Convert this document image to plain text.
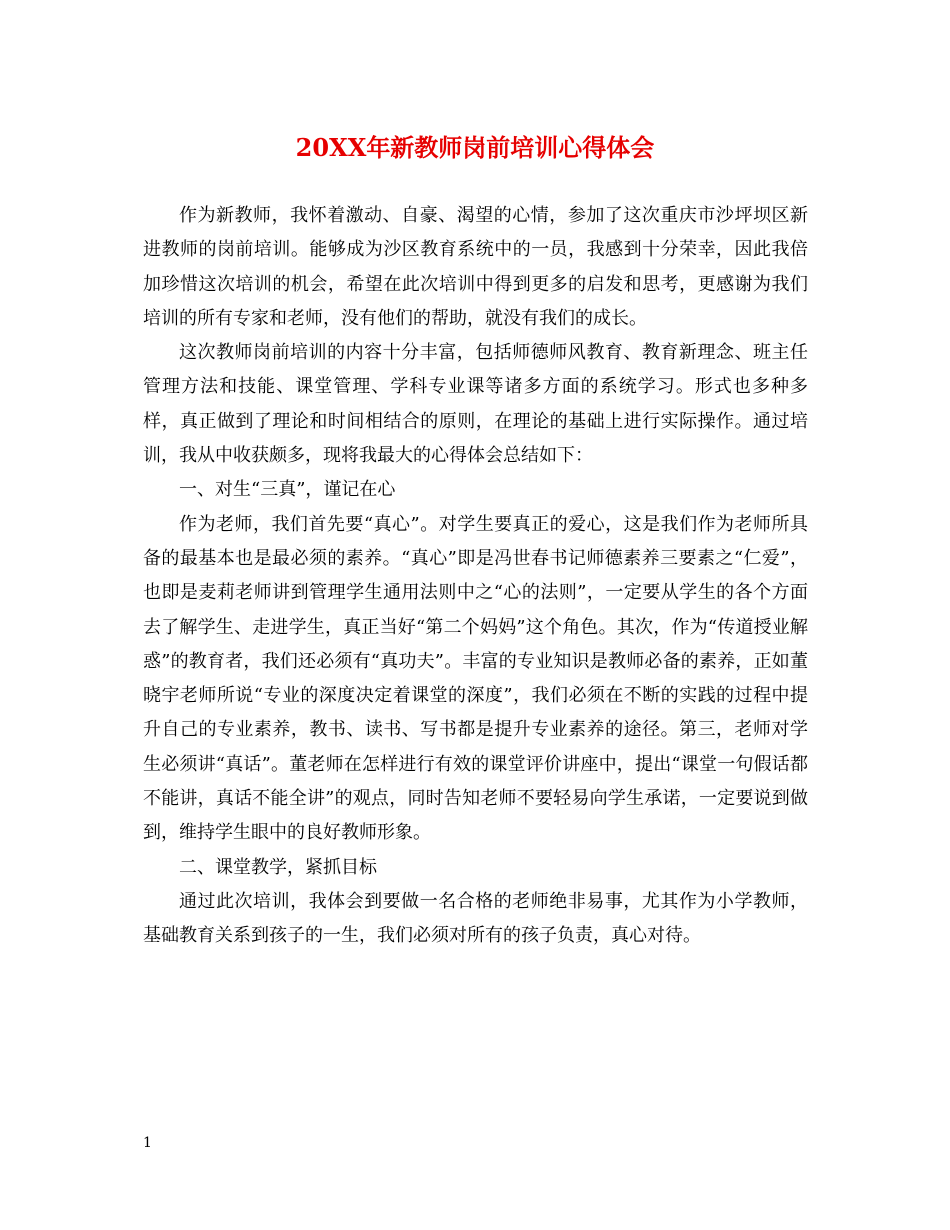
20XX年新教师岗前培训心得体会

作为新教师，我怀着激动、自豪、渴望的心情，参加了这次重庆市沙坪坝区新进教师的岗前培训。能够成为沙区教育系统中的一员，我感到十分荣幸，因此我倍加珍惜这次培训的机会，希望在此次培训中得到更多的启发和思考，更感谢为我们培训的所有专家和老师，没有他们的帮助，就没有我们的成长。

这次教师岗前培训的内容十分丰富，包括师德师风教育、教育新理念、班主任管理方法和技能、课堂管理、学科专业课等诸多方面的系统学习。形式也多种多样，真正做到了理论和时间相结合的原则，在理论的基础上进行实际操作。通过培训，我从中收获颇多，现将我最大的心得体会总结如下：

一、对生“三真”，谨记在心

作为老师，我们首先要“真心”。对学生要真正的爱心，这是我们作为老师所具备的最基本也是最必须的素养。“真心”即是冯世春书记师德素养三要素之“仁爱”，也即是麦莉老师讲到管理学生通用法则中之“心的法则”，一定要从学生的各个方面去了解学生、走进学生，真正当好“第二个妈妈”这个角色。其次，作为“传道授业解惑”的教育者，我们还必须有“真功夫”。丰富的专业知识是教师必备的素养，正如董晓宇老师所说“专业的深度决定着课堂的深度”，我们必须在不断的实践的过程中提升自己的专业素养，教书、读书、写书都是提升专业素养的途径。第三，老师对学生必须讲“真话”。董老师在怎样进行有效的课堂评价讲座中，提出“课堂一句假话都不能讲，真话不能全讲”的观点，同时告知老师不要轻易向学生承诺，一定要说到做到，维持学生眼中的良好教师形象。

二、课堂教学，紧抓目标

通过此次培训，我体会到要做一名合格的老师绝非易事，尤其作为小学教师，基础教育关系到孩子的一生，我们必须对所有的孩子负责，真心对待。

1
